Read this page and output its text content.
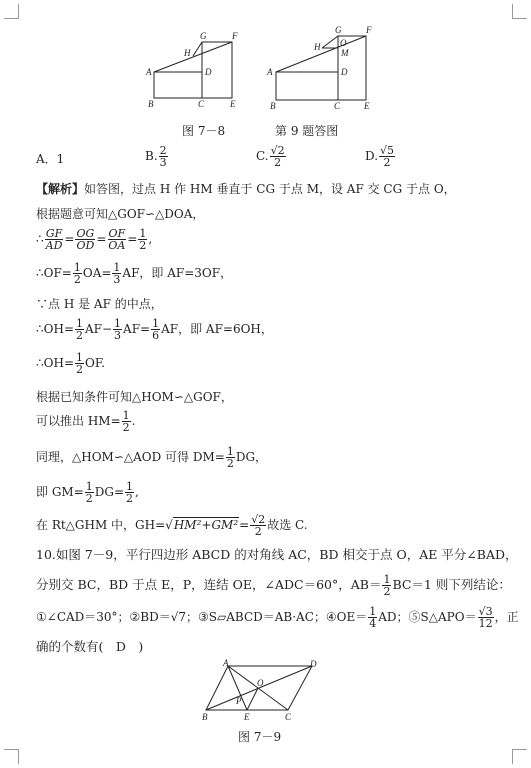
G	F
H
A	D
B	C	E
图 7－8
G	F
H O
M
A	D
B	C	E
第 9 题答图
A．1	B. $\frac{2}{3}$	C. $\frac{√2}{2}$	D. $\frac{√5}{2}$
【解析】如答图，过点 H 作 HM 垂直于 CG 于点 M，设 AF 交 CG 于点 O，
根据题意可知△GOF∽△DOA，
∴ $\frac{GF}{AD} = \frac{OG}{OD} = \frac{OF}{OA} = \frac{1}{2}$ ,
∴OF= $\frac{1}{2} OA= \frac{1}{3}$ AF，即 AF=3OF，
∵点 H 是 AF 的中点，
∴OH= $\frac{1}{2} AF- \frac{1}{3} AF= \frac{1}{6}$ AF，即 AF=6OH，
∴OH= $\frac{1}{2}$ OF.
根据已知条件可知△HOM∽△GOF，
可以推出 $HM= \frac{1}{2}$ .
同理，△HOM∽△AOD 可得 $DM= \frac{1}{2}$ DG，
即 $GM= \frac{1}{2} DG= \frac{1}{2}$ ,
在 Rt△GHM 中，$GH=√HM^2+GM^2= \frac{√2}{2}$ 故选 C.
10.如图 7－9，平行四边形 ABCD 的对角线 AC，BD 相交于点 O，AE 平分∠BAD，
分别交 BC，BD 于点 E，P，连结 OE，∠ADC＝60°，$AB= \frac{1}{2} BC=1$ 则下列结论：
①∠CAD＝30°；②BD＝√7；③S▱ABCD＝AB·AC；④OE＝ $\frac{1}{4}$ AD；⑤S△APO＝ $\frac{√3}{12}$ ，正
确的个数有(　D　)
A	D
O
P
B	E	C
图 7－9
